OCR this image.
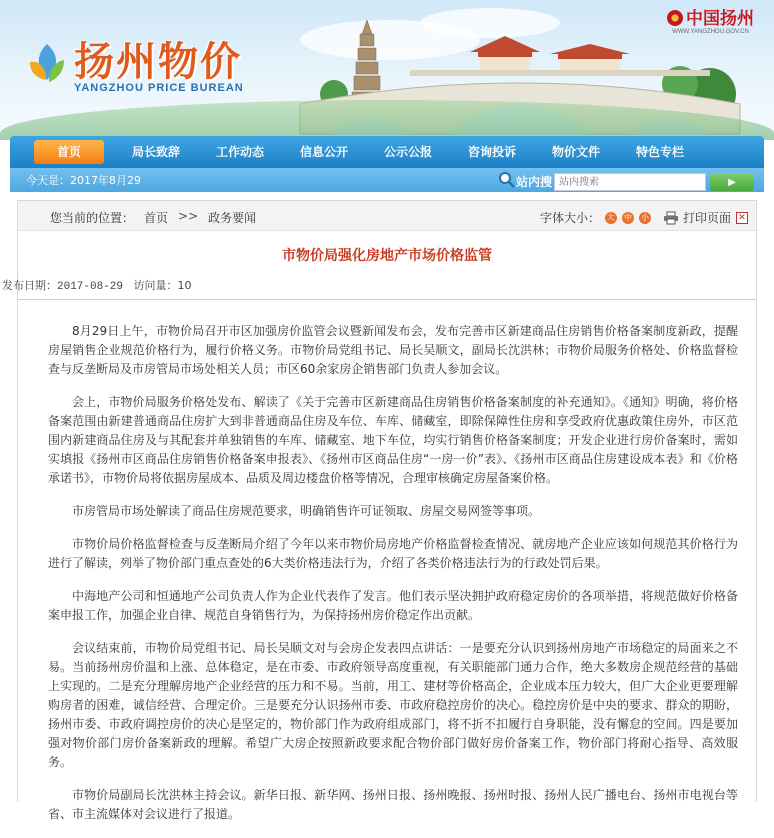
扬州物价
YANGZHOU PRICE BUREAN
中国扬州
WWW.YANGZHOU.GOV.CN
首页	局长致辞	工作动态	信息公开	公示公报	咨询投诉	物价文件	特色专栏
今天是：2017年8月29	站内搜
站内搜索	▶
您当前的位置： 首页 >> 政务要闻	字体大小： 大 中 小	打印页面 ✕
市物价局强化房地产市场价格监管
发布日期：2017-08-29 访问量：10

8月29日上午，市物价局召开市区加强房价监管会议暨新闻发布会，发布完善市区新建商品住房销售价格备案制度新政，提醒房屋销售企业规范价格行为，履行价格义务。市物价局党组书记、局长吴顺文，副局长沈洪林；市物价局服务价格处、价格监督检查与反垄断局及市房管局市场处相关人员；市区60余家房企销售部门负责人参加会议。

会上，市物价局服务价格处发布、解读了《关于完善市区新建商品住房销售价格备案制度的补充通知》。《通知》明确，将价格备案范围由新建普通商品住房扩大到非普通商品住房及车位、车库、储藏室，即除保障性住房和享受政府优惠政策住房外，市区范围内新建商品住房及与其配套并单独销售的车库、储藏室、地下车位，均实行销售价格备案制度；开发企业进行房价备案时，需如实填报《扬州市区商品住房销售价格备案申报表》、《扬州市区商品住房“一房一价”表》、《扬州市区商品住房建设成本表》和《价格承诺书》，市物价局将依据房屋成本、品质及周边楼盘价格等情况，合理审核确定房屋备案价格。

市房管局市场处解读了商品住房规范要求，明确销售许可证领取、房屋交易网签等事项。

市物价局价格监督检查与反垄断局介绍了今年以来市物价局房地产价格监督检查情况、就房地产企业应该如何规范其价格行为进行了解读，列举了物价部门重点查处的6大类价格违法行为，介绍了各类价格违法行为的行政处罚后果。

中海地产公司和恒通地产公司负责人作为企业代表作了发言。他们表示坚决拥护政府稳定房价的各项举措，将规范做好价格备案申报工作，加强企业自律、规范自身销售行为，为保持扬州房价稳定作出贡献。

会议结束前，市物价局党组书记、局长吴顺文对与会房企发表四点讲话：一是要充分认识到扬州房地产市场稳定的局面来之不易。当前扬州房价温和上涨、总体稳定，是在市委、市政府领导高度重视，有关职能部门通力合作，绝大多数房企规范经营的基础上实现的。二是充分理解房地产企业经营的压力和不易。当前，用工、建材等价格高企，企业成本压力较大，但广大企业更要理解购房者的困难，诚信经营、合理定价。三是要充分认识扬州市委、市政府稳控房价的决心。稳控房价是中央的要求、群众的期盼，扬州市委、市政府调控房价的决心是坚定的，物价部门作为政府组成部门，将不折不扣履行自身职能，没有懈怠的空间。四是要加强对物价部门房价备案新政的理解。希望广大房企按照新政要求配合物价部门做好房价备案工作，物价部门将耐心指导、高效服务。

市物价局副局长沈洪林主持会议。新华日报、新华网、扬州日报、扬州晚报、扬州时报、扬州人民广播电台、扬州市电视台等省、市主流媒体对会议进行了报道。
